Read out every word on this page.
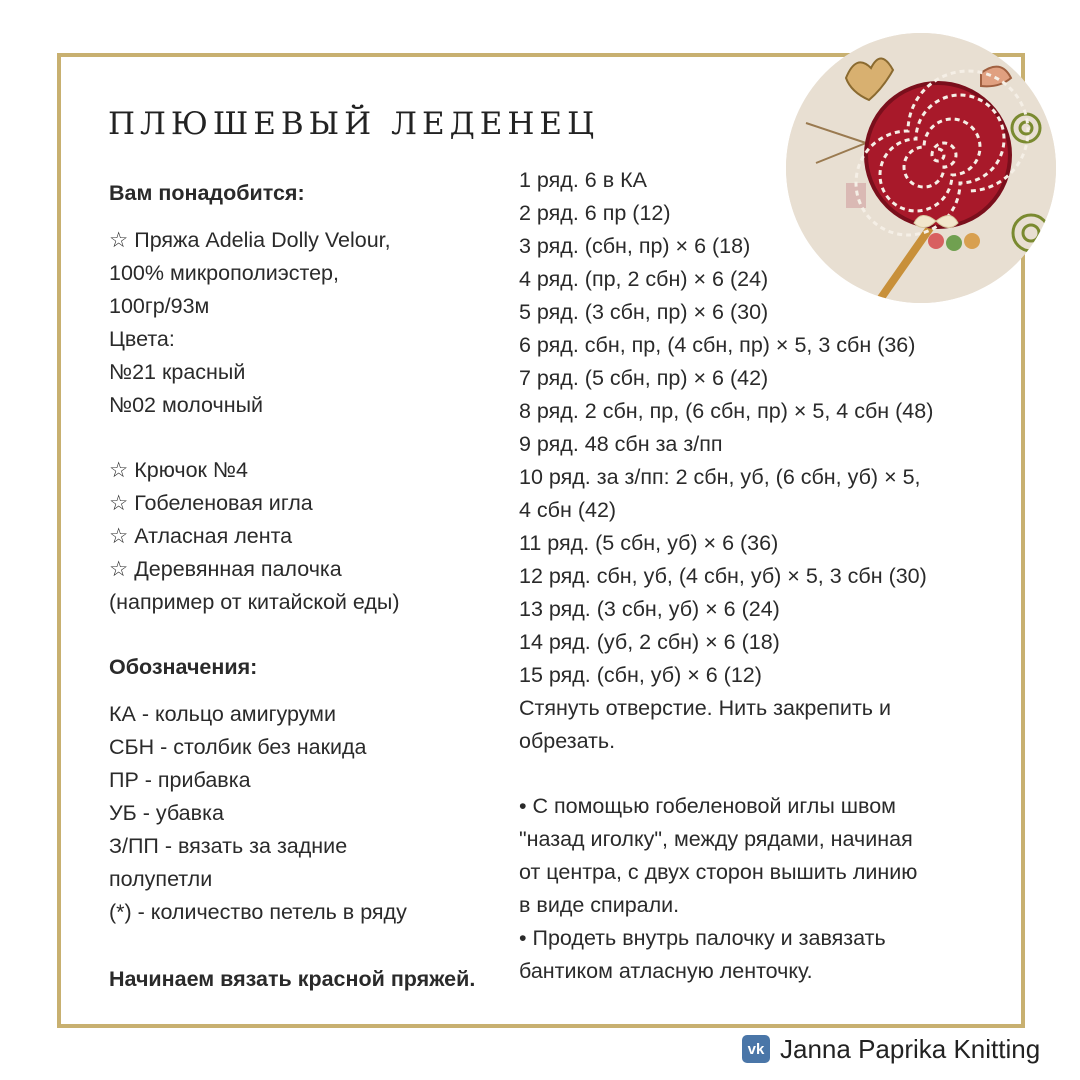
ПЛЮШЕВЫЙ ЛЕДЕНЕЦ
Вам понадобится:
☆ Пряжа Adelia Dolly Velour,
100% микрополиэстер,
100гр/93м
Цвета:
№21 красный
№02 молочный
☆ Крючок №4
☆ Гобеленовая игла
☆ Атласная лента
☆ Деревянная палочка
(например от китайской еды)
Обозначения:
КА - кольцо амигуруми
СБН - столбик без накида
ПР - прибавка
УБ - убавка
З/ПП - вязать за задние
полупетли
(*) - количество петель в ряду
Начинаем вязать красной пряжей.
1 ряд. 6 в КА
2 ряд. 6 пр (12)
3 ряд. (сбн, пр) × 6 (18)
4 ряд. (пр, 2 сбн) × 6 (24)
5 ряд. (3 сбн, пр) × 6 (30)
6 ряд. сбн, пр, (4 сбн, пр) × 5, 3 сбн (36)
7 ряд. (5 сбн, пр) × 6 (42)
8 ряд. 2 сбн, пр, (6 сбн, пр) × 5, 4 сбн (48)
9 ряд. 48 сбн за з/пп
10 ряд. за з/пп: 2 сбн, уб, (6 сбн, уб) × 5,
4 сбн (42)
11 ряд. (5 сбн, уб) × 6 (36)
12 ряд. сбн, уб, (4 сбн, уб) × 5, 3 сбн (30)
13 ряд. (3 сбн, уб) × 6 (24)
14 ряд. (уб, 2 сбн) × 6 (18)
15 ряд. (сбн, уб) × 6 (12)
Стянуть отверстие. Нить закрепить и
обрезать.
• С помощью гобеленовой иглы швом
"назад иголку", между рядами, начиная
от центра, с двух сторон вышить линию
в виде спирали.
• Продеть внутрь палочку и завязать
бантиком атласную ленточку.
vk Janna Paprika Knitting
